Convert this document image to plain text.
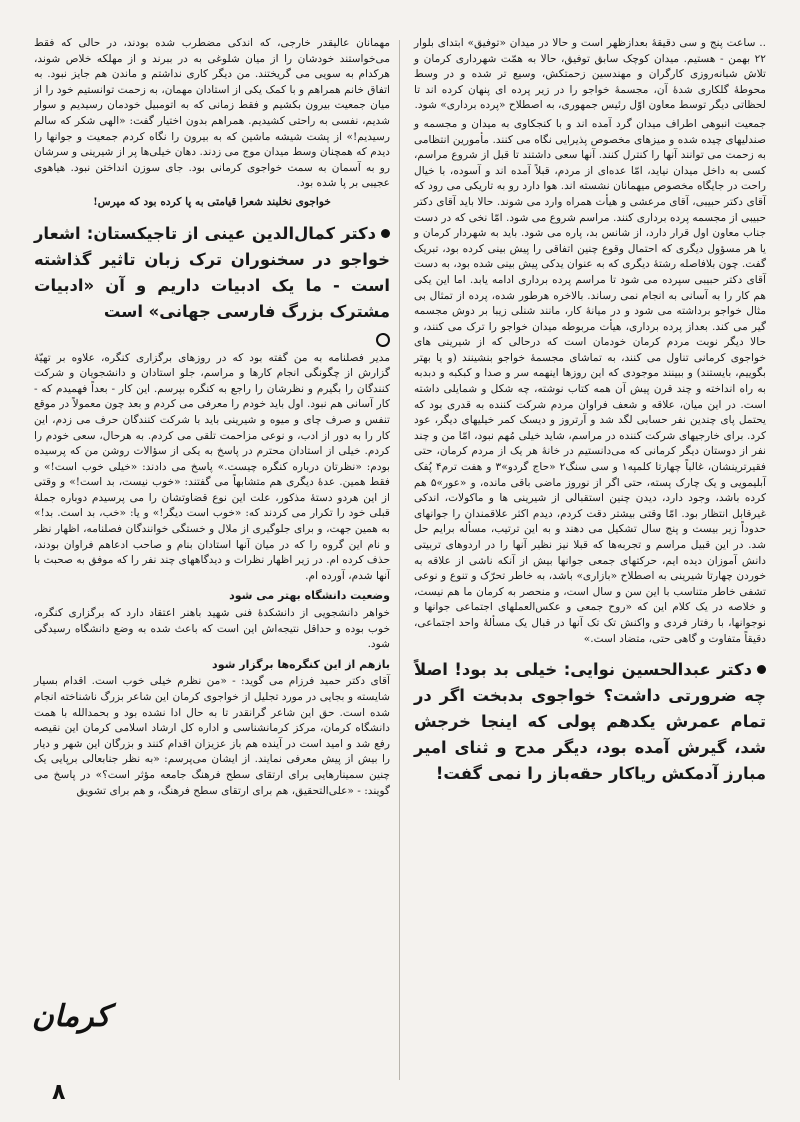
.. ساعت پنج و سی دقیقهٔ بعدازظهر است و حالا در میدان «توفیق» ابتدای بلوار ۲۲ بهمن - هستیم. میدان کوچک سابق توفیق، حالا به همّت شهرداری کرمان و تلاش شبانه‌روزی کارگران و مهندسین زحمتکش، وسیع تر شده و در وسط محوطهٔ گلکاری شدهٔ آن، مجسمهٔ خواجو را در زیر پرده ای پنهان کرده اند تا لحظاتی دیگر توسط معاون اوّل رئیس جمهوری، به اصطلاح «پرده برداری» شود.

جمعیت انبوهی اطراف میدان گرد آمده اند و با کنجکاوی به میدان و مجسمه و صندلیهای چیده شده و میزهای مخصوص پذیرایی نگاه می کنند. مأمورین انتظامی به زحمت می توانند آنها را کنترل کنند. آنها سعی داشتند تا قبل از شروع مراسم، کسی به داخل میدان نیاید، امّا عده‌ای از مردم، قبلاً آمده اند و آسوده، با خیال راحت در جایگاه مخصوص میهمانان نشسته اند. هوا دارد رو به تاریکی می رود که آقای دکتر حبیبی، آقای مرعشی و هیأت همراه وارد می شوند. حالا باید آقای دکتر حبیبی از مجسمه پرده برداری کنند. مراسم شروع می شود. امّا نخی که در دست جناب معاون اول قرار دارد، از شانس بد، پاره می شود. باید به شهردار کرمان و یا هر مسؤول دیگری که احتمال وقوع چنین اتفاقی را پیش بینی کرده بود، تبریک گفت. چون بلافاصله رشتهٔ دیگری که به عنوان یدکی پیش بینی شده بود، به دست آقای دکتر حبیبی سپرده می شود تا مراسم پرده برداری ادامه یابد. اما این یکی هم کار را به آسانی به انجام نمی رساند. بالاخره هرطور شده، پرده از تمثال بی مثال خواجو برداشته می شود و در میانهٔ کار، مانند شنلی زیبا بر دوش مجسمه گیر می کند. بعداز پرده برداری، هیأت مربوطه میدان خواجو را ترک می کنند، و حالا دیگر نوبت مردم کرمان خودمان است که درحالی که از شیرینی های خواجوی کرمانی تناول می کنند، به تماشای مجسمهٔ خواجو بنشینند (و یا بهتر بگوییم، بایستند) و ببینند موجودی که این روزها اینهمه سر و صدا و کبکبه و دبدبه به راه انداخته و چند قرن پیش آن همه کتاب نوشته، چه شکل و شمایلی داشته است. در این میان، علاقه و شعف فراوان مردم شرکت کننده به قدری بود که یحتمل پای چندین نفر حسابی لگد شد و آرتروز و دیسک کمر خیلیهای دیگر، عود کرد. برای خارجیهای شرکت کننده در مراسم، شاید خیلی مُهم نبود، امّا من و چند نفر از دوستان دیگر کرمانی که می‌دانستیم در خانهٔ هر یک از مردم کرمان، حتی فقیرترینشان، غالباً چهارتا کلمپه۱ و سی سنگ۲ «حاج گردو»۳ و هفت ترم۴ پُفک آبلیمویی و یک چارک پسته، حتی اگر از نوروز ماضی باقی مانده، و «عور»۵ هم کرده باشد، وجود دارد، دیدن چنین استقبالی از شیرینی ها و ماکولات، اندکی غیرقابل انتظار بود. امّا وقتی بیشتر دقت کردم، دیدم اکثر علاقمندان را جوانهای حدوداً زیر بیست و پنج سال تشکیل می دهند و به این ترتیب، مسأله برایم حل شد. در این قبیل مراسم و تجربه‌ها که قبلا نیز نظیر آنها را در اردوهای تربیتی دانش آموزان دیده ایم، حرکتهای جمعی جوانها بیش از آنکه ناشی از علاقه به خوردن چهارتا شیرینی به اصطلاح «بازاری» باشد، به خاطر تحرّک و تنوع و نوعی تشفی خاطر متناسب با این سن و سال است، و منحصر به کرمان ما هم نیست، و خلاصه در یک کلام این که «روح جمعی و عکس‌العملهای اجتماعی جوانها و نوجوانها، با رفتار فردی و واکنش تک تک آنها در قبال یک مسألهٔ واحد اجتماعی، دقیقاً متفاوت و گاهی حتی، متضاد است.»

دکتر عبدالحسین نوایی: خیلی بد بود! اصلاً چه ضرورتی داشت؟ خواجوی بدبخت اگر در تمام عمرش یکدهم پولی که اینجا خرجش شد، گیرش آمده بود، دیگر مدح و ثنای امیر مبارز آدمکش ریاکار حقه‌باز را نمی گفت!

مهمانان عالیقدر خارجی، که اندکی مضطرب شده بودند، در حالی که فقط می‌خواستند خودشان را از میان شلوغی به در ببرند و از مهلکه خلاص شوند، هرکدام به سویی می گریختند. من دیگر کاری نداشتم و ماندن هم جایز نبود. به اتفاق خانم همراهم و با کمک یکی از استادان مهمان، به زحمت توانستیم خود را از میان جمعیت بیرون بکشیم و فقط زمانی که به اتومبیل خودمان رسیدیم و سوار شدیم، نفسی به راحتی کشیدیم. همراهم بدون اختیار گفت: «الهی شکر که سالم رسیدیم!» از پشت شیشه ماشین که به بیرون را نگاه کردم جمعیت و جوانها را دیدم که همچنان وسط میدان موج می زدند. دهان خیلی‌ها پر از شیرینی و سرشان رو به آسمان به سمت خواجوی کرمانی بود. جای سوزن انداختن نبود. هیاهوی عجیبی بر پا شده بود.

خواجوی نخلبند شعرا قیامتی به پا کرده بود که مپرس!

دکتر کمال‌الدین عینی از تاجیکستان: اشعار خواجو در سخنوران ترک زبان تاثیر گذاشته است - ما یک ادبیات داریم و آن «ادبیات مشترک بزرگ فارسی جهانی» است

مدیر فصلنامه به من گفته بود که در روزهای برگزاری کنگره، علاوه بر تهیّهٔ گزارش از چگونگی انجام کارها و مراسم، جلو استادان و دانشجویان و شرکت کنندگان را بگیرم و نظرشان را راجع به کنگره بپرسم. این کار - بعداً فهمیدم که - کار آسانی هم نبود. اول باید خودم را معرفی می کردم و بعد چون معمولاً در موقع تنفس و صرف چای و میوه و شیرینی باید با شرکت کنندگان حرف می زدم، این کار را به دور از ادب، و نوعی مزاحمت تلقی می کردم. به هرحال، سعی خودم را کردم. خیلی از استادان محترم در پاسخ به یکی از سؤالات روشن من که پرسیده بودم: «نظرتان درباره کنگره چیست.» پاسخ می دادند: «خیلی خوب است!» و فقط همین. عدهٔ دیگری هم متشابهاً می گفتند: «خوب نیست، بد است!» و وقتی از این هردو دستهٔ مذکور، علت این نوع قضاوتشان را می پرسیدم دوباره جملهٔ قبلی خود را تکرار می کردند که: «خوب است دیگر!» و یا: «خب، بد است. بد!» به همین جهت، و برای جلوگیری از ملال و خستگی خوانندگان فصلنامه، اظهار نظر و نام این گروه را که در میان آنها استادان بنام و صاحب ادعاهم فراوان بودند، حذف کرده ام. در زیر اظهار نظرات و دیدگاههای چند نفر را که موفق به صحبت با آنها شدم، آورده ام.

وضعیت دانشگاه بهتر می شود

خواهر دانشجویی از دانشکدهٔ فنی شهید باهنر اعتقاد دارد که برگزاری کنگره، خوب بوده و حداقل نتیجه‌اش این است که باعث شده به وضع دانشگاه رسیدگی شود.

بازهم از این کنگره‌ها برگزار شود

آقای دکتر حمید فرزام می گوید: - «من نظرم خیلی خوب است. اقدام بسیار شایسته و بجایی در مورد تجلیل از خواجوی کرمان این شاعر بزرگ ناشناخته انجام شده است. حق این شاعر گرانقدر تا به حال ادا نشده بود و بحمدالله با همت دانشگاه کرمان، مرکز کرمانشناسی و اداره کل ارشاد اسلامی کرمان این نقیصه رفع شد و امید است در آینده هم باز عزیزان اقدام کنند و بزرگان این شهر و دیار را بیش از پیش معرفی نمایند. از ایشان می‌پرسم: «به نظر جنابعالی برپایی یک چنین سمینارهایی برای ارتقای سطح فرهنگ جامعه مؤثر است؟» در پاسخ می گویند: - «علی‌التحقیق، هم برای ارتقای سطح فرهنگ، و هم برای تشویق

کرمان
۸
